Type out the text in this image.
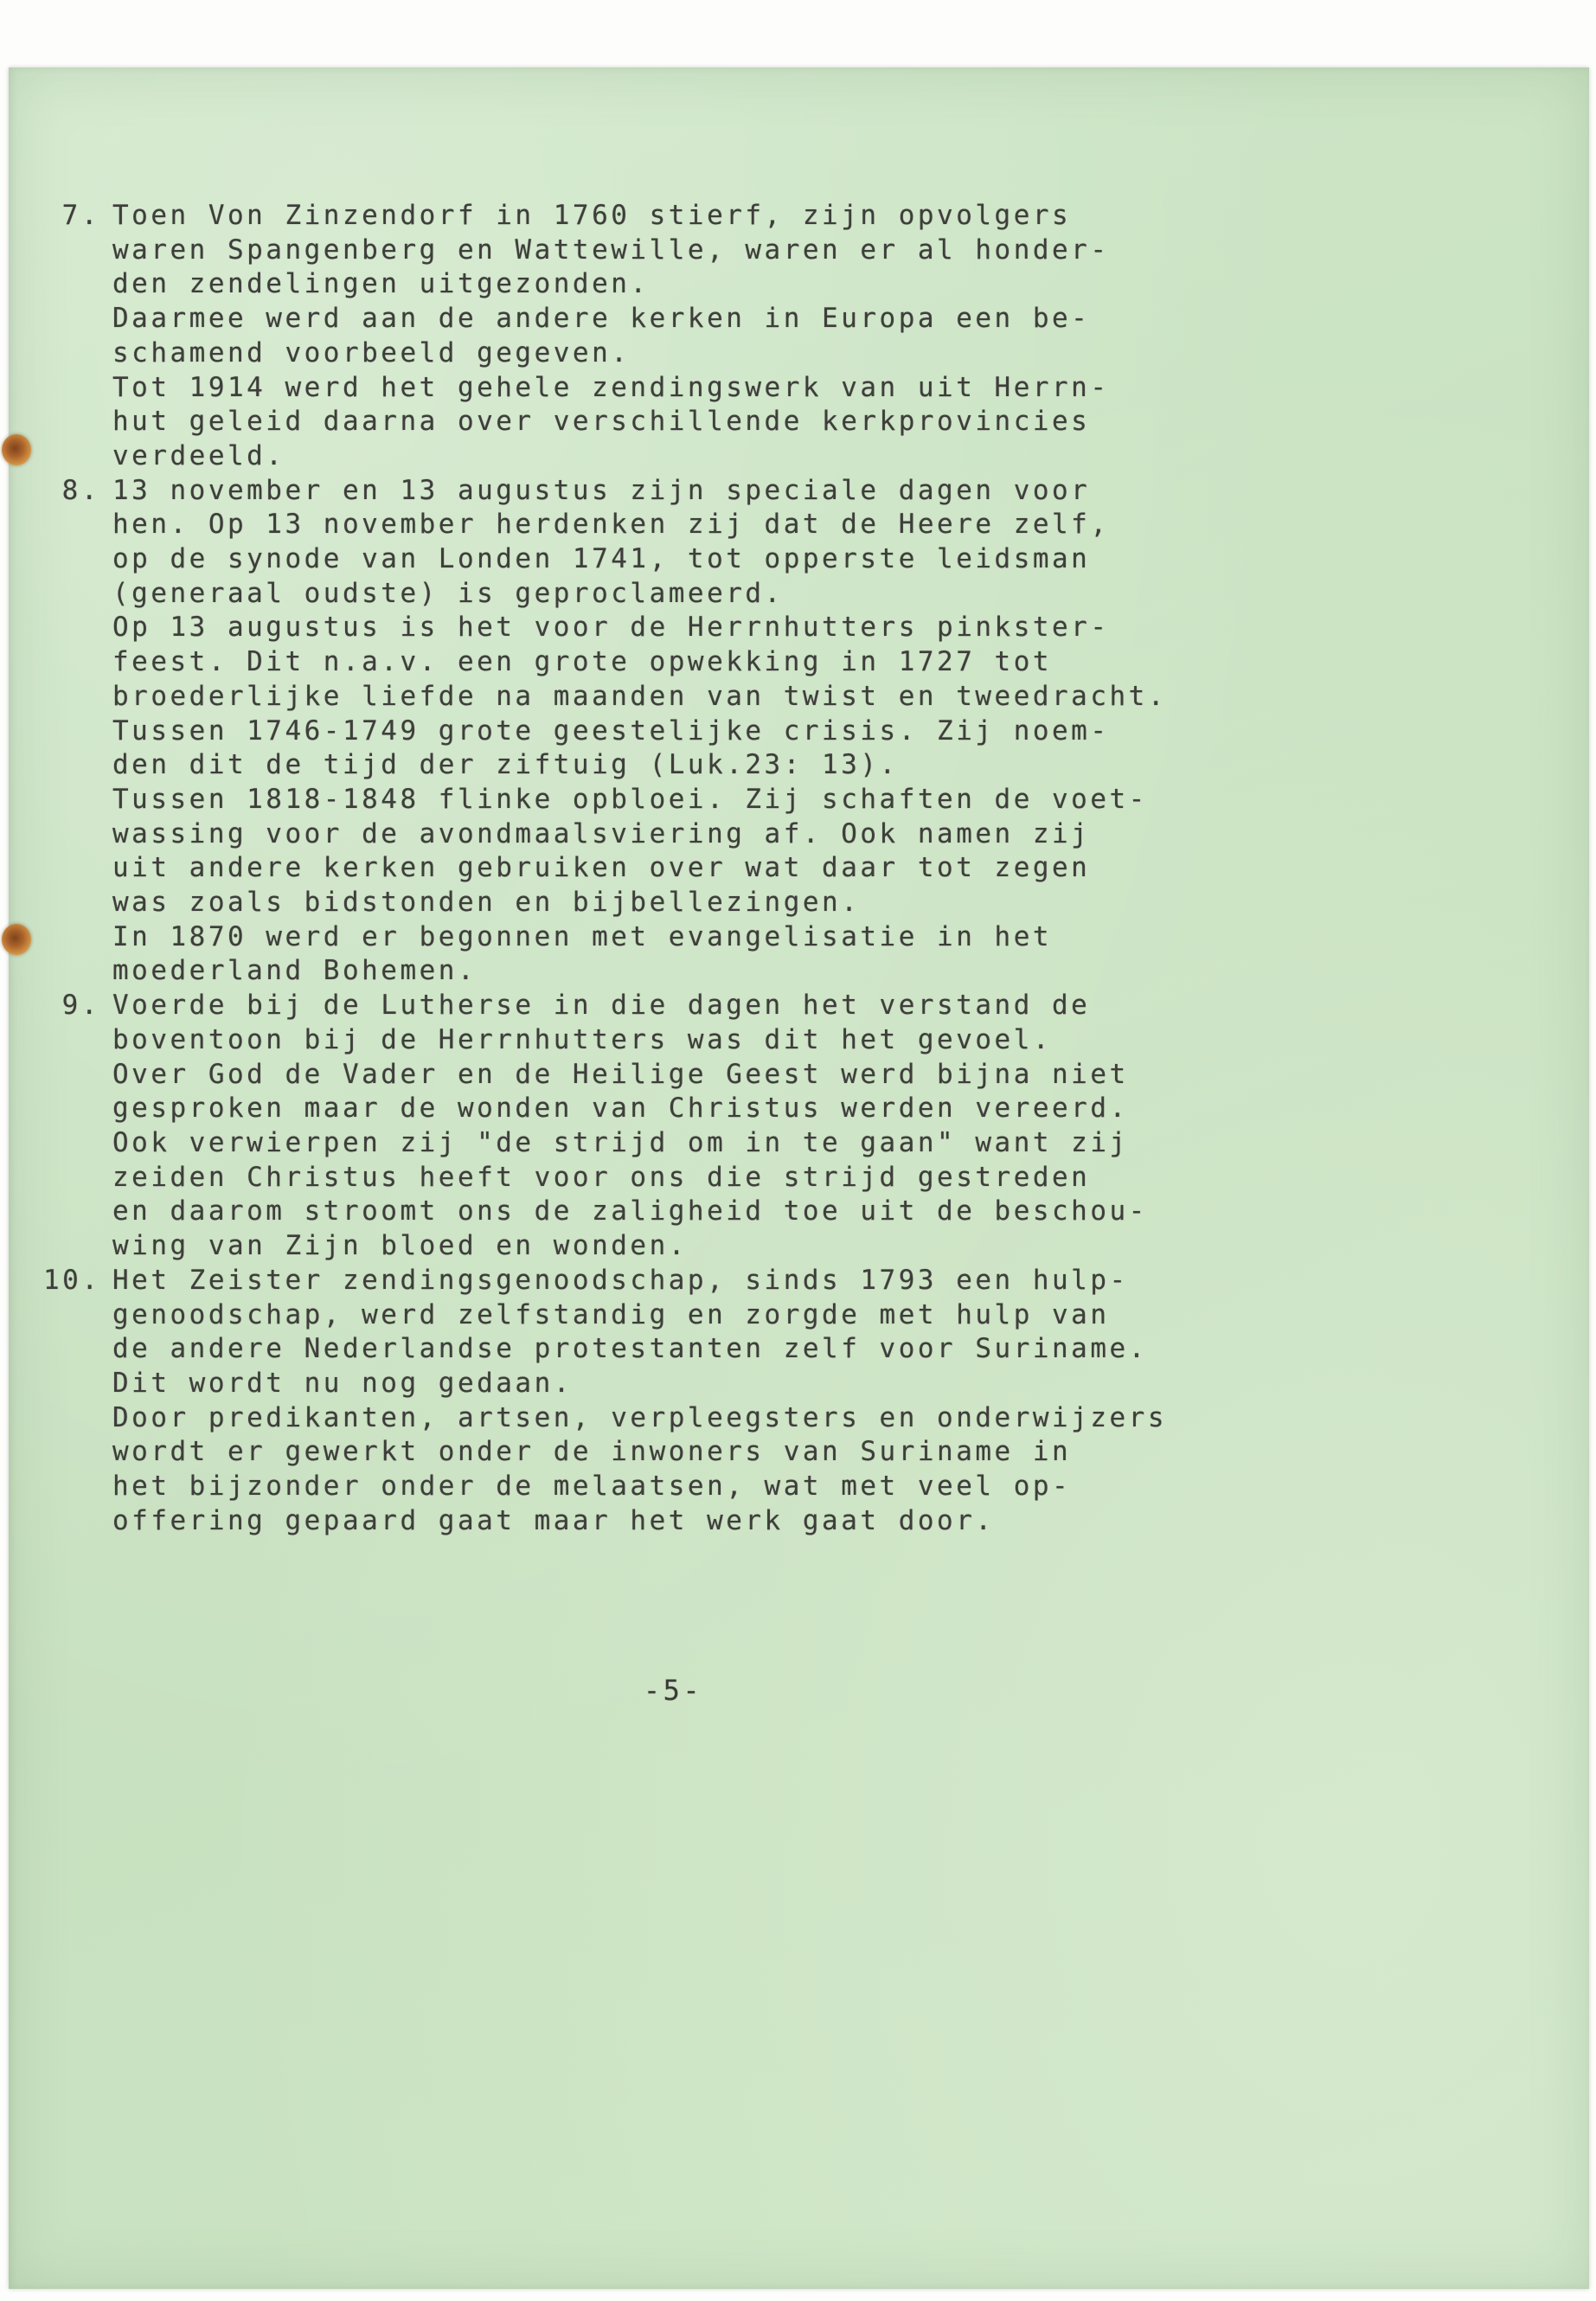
7. Toen Von Zinzendorf in 1760 stierf, zijn opvolgers
waren Spangenberg en Wattewille, waren er al honder-
den zendelingen uitgezonden.
Daarmee werd aan de andere kerken in Europa een be-
schamend voorbeeld gegeven.
Tot 1914 werd het gehele zendingswerk van uit Herrn-
hut geleid daarna over verschillende kerkprovincies
verdeeld.
8. 13 november en 13 augustus zijn speciale dagen voor
hen. Op 13 november herdenken zij dat de Heere zelf,
op de synode van Londen 1741, tot opperste leidsman
(generaal oudste) is geproclameerd.
Op 13 augustus is het voor de Herrnhutters pinkster-
feest. Dit n.a.v. een grote opwekking in 1727 tot
broederlijke liefde na maanden van twist en tweedracht.
Tussen 1746-1749 grote geestelijke crisis. Zij noem-
den dit de tijd der ziftuig (Luk.23: 13).
Tussen 1818-1848 flinke opbloei. Zij schaften de voet-
wassing voor de avondmaalsviering af. Ook namen zij
uit andere kerken gebruiken over wat daar tot zegen
was zoals bidstonden en bijbellezingen.
In 1870 werd er begonnen met evangelisatie in het
moederland Bohemen.
9. Voerde bij de Lutherse in die dagen het verstand de
boventoon bij de Herrnhutters was dit het gevoel.
Over God de Vader en de Heilige Geest werd bijna niet
gesproken maar de wonden van Christus werden vereerd.
Ook verwierpen zij "de strijd om in te gaan" want zij
zeiden Christus heeft voor ons die strijd gestreden
en daarom stroomt ons de zaligheid toe uit de beschou-
wing van Zijn bloed en wonden.
10. Het Zeister zendingsgenoodschap, sinds 1793 een hulp-
genoodschap, werd zelfstandig en zorgde met hulp van
de andere Nederlandse protestanten zelf voor Suriname.
Dit wordt nu nog gedaan.
Door predikanten, artsen, verpleegsters en onderwijzers
wordt er gewerkt onder de inwoners van Suriname in
het bijzonder onder de melaatsen, wat met veel op-
offering gepaard gaat maar het werk gaat door.
-5-
